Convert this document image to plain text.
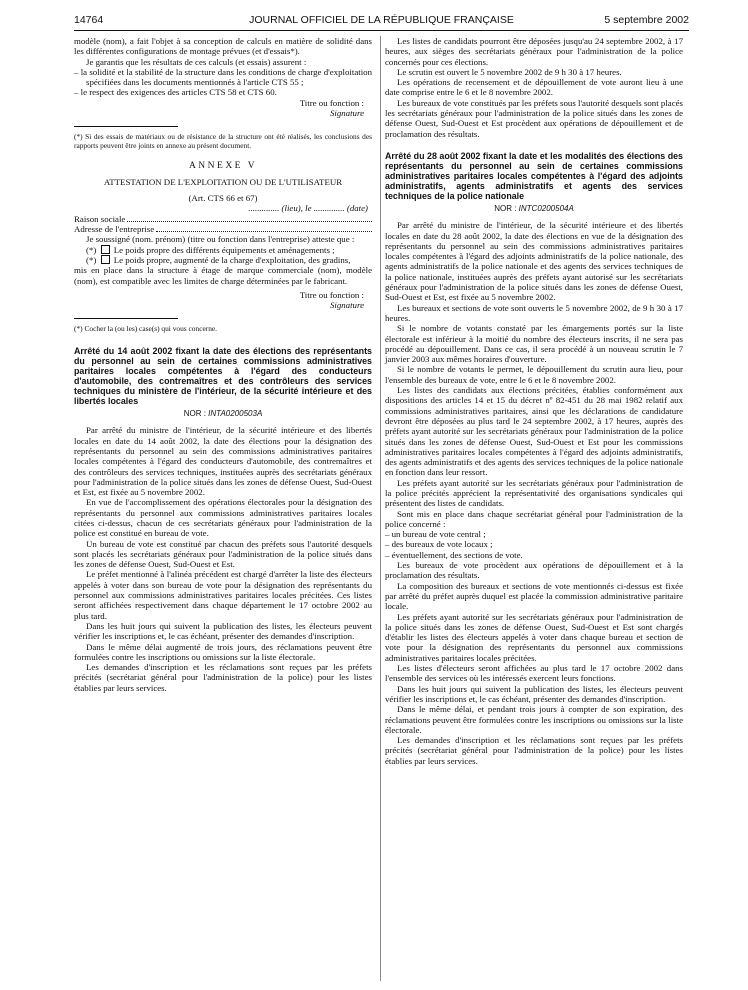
14764	JOURNAL OFFICIEL DE LA RÉPUBLIQUE FRANÇAISE	5 septembre 2002

modèle (nom), a fait l'objet à sa conception de calculs en matière de solidité dans les différentes configurations de montage prévues (et d'essais*).

Je garantis que les résultats de ces calculs (et essais) assurent :

– la solidité et la stabilité de la structure dans les conditions de charge d'exploitation spécifiées dans les documents mentionnés à l'article CTS 55 ;

– le respect des exigences des articles CTS 58 et CTS 60.

Titre ou fonction :

Signature

(*) Si des essais de matériaux ou de résistance de la structure ont été réalisés, les conclusions des rapports peuvent être joints en annexe au présent document.

ANNEXE V

ATTESTATION DE L'EXPLOITATION OU DE L'UTILISATEUR

(Art. CTS 66 et 67)

.............. (lieu), le .............. (date)

Raison sociale
Adresse de l'entreprise

Je soussigné (nom. prénom) (titre ou fonction dans l'entreprise) atteste que :

(*)  Le poids propre des différents équipements et aménagements ;

(*)  Le poids propre, augmenté de la charge d'exploitation, des gradins,

mis en place dans la structure à étage de marque commerciale (nom), modèle (nom), est compatible avec les limites de charge déterminées par le fabricant.

Titre ou fonction :

Signature

(*) Cocher la (ou les) case(s) qui vous concerne.

Arrêté du 14 août 2002 fixant la date des élections des représentants du personnel au sein de certaines commissions administratives paritaires locales compétentes à l'égard des conducteurs d'automobile, des contremaîtres et des contrôleurs des services techniques du ministère de l'intérieur, de la sécurité intérieure et des libertés locales

NOR : INTA0200503A

Par arrêté du ministre de l'intérieur, de la sécurité intérieure et des libertés locales en date du 14 août 2002, la date des élections pour la désignation des représentants du personnel au sein des commissions administratives paritaires locales compétentes à l'égard des conducteurs d'automobile, des contremaîtres et des contrôleurs des services techniques, instituées auprès des secrétariats généraux pour l'administration de la police situés dans les zones de défense Ouest, Sud-Ouest et Est, est fixée au 5 novembre 2002.

En vue de l'accomplissement des opérations électorales pour la désignation des représentants du personnel aux commissions administratives paritaires locales citées ci-dessus, chacun de ces secrétariats généraux pour l'administration de la police est constitué en bureau de vote.

Un bureau de vote est constitué par chacun des préfets sous l'autorité desquels sont placés les secrétariats généraux pour l'administration de la police situés dans les zones de défense Ouest, Sud-Ouest et Est.

Le préfet mentionné à l'alinéa précédent est chargé d'arrêter la liste des électeurs appelés à voter dans son bureau de vote pour la désignation des représentants du personnel aux commissions administratives paritaires locales précitées. Ces listes seront affichées respectivement dans chaque département le 17 octobre 2002 au plus tard.

Dans les huit jours qui suivent la publication des listes, les électeurs peuvent vérifier les inscriptions et, le cas échéant, présenter des demandes d'inscription.

Dans le même délai augmenté de trois jours, des réclamations peuvent être formulées contre les inscriptions ou omissions sur la liste électorale.

Les demandes d'inscription et les réclamations sont reçues par les préfets précités (secrétariat général pour l'administration de la police) pour les listes établies par leurs services.

Les listes de candidats pourront être déposées jusqu'au 24 septembre 2002, à 17 heures, aux sièges des secrétariats généraux pour l'administration de la police concernés pour ces élections.

Le scrutin est ouvert le 5 novembre 2002 de 9 h 30 à 17 heures.

Les opérations de recensement et de dépouillement de vote auront lieu à une date comprise entre le 6 et le 8 novembre 2002.

Les bureaux de vote constitués par les préfets sous l'autorité desquels sont placés les secrétariats généraux pour l'administration de la police situés dans les zones de défense Ouest, Sud-Ouest et Est procèdent aux opérations de dépouillement et de proclamation des résultats.

Arrêté du 28 août 2002 fixant la date et les modalités des élections des représentants du personnel au sein de certaines commissions administratives paritaires locales compétentes à l'égard des adjoints administratifs, agents administratifs et agents des services techniques de la police nationale

NOR : INTC0200504A

Par arrêté du ministre de l'intérieur, de la sécurité intérieure et des libertés locales en date du 28 août 2002, la date des élections en vue de la désignation des représentants du personnel au sein des commissions administratives paritaires locales compétentes à l'égard des adjoints administratifs de la police nationale, des agents administratifs de la police nationale et des agents des services techniques de la police nationale, instituées auprès des préfets ayant autorisé sur les secrétariats généraux pour l'administration de la police situés dans les zones de défense Ouest, Sud-Ouest et Est, est fixée au 5 novembre 2002.

Les bureaux et sections de vote sont ouverts le 5 novembre 2002, de 9 h 30 à 17 heures.

Si le nombre de votants constaté par les émargements portés sur la liste électorale est inférieur à la moitié du nombre des électeurs inscrits, il ne sera pas procédé au dépouillement. Dans ce cas, il sera procédé à un nouveau scrutin le 7 janvier 2003 aux mêmes horaires d'ouverture.

Si le nombre de votants le permet, le dépouillement du scrutin aura lieu, pour l'ensemble des bureaux de vote, entre le 6 et le 8 novembre 2002.

Les listes des candidats aux élections précitées, établies conformément aux dispositions des articles 14 et 15 du décret nº 82-451 du 28 mai 1982 relatif aux commissions administratives paritaires, ainsi que les déclarations de candidature devront être déposées au plus tard le 24 septembre 2002, à 17 heures, auprès des préfets ayant autorité sur les secrétariats généraux pour l'administration de la police situés dans les zones de défense Ouest, Sud-Ouest et Est pour les commissions administratives paritaires locales compétentes à l'égard des adjoints administratifs, des agents administratifs et des agents des services techniques de la police nationale en fonction dans leur ressort.

Les préfets ayant autorité sur les secrétariats généraux pour l'administration de la police précités apprécient la représentativité des organisations syndicales qui présentent des listes de candidats.

Sont mis en place dans chaque secrétariat général pour l'administration de la police concerné :

– un bureau de vote central ;

– des bureaux de vote locaux ;

– éventuellement, des sections de vote.

Les bureaux de vote procèdent aux opérations de dépouillement et à la proclamation des résultats.

La composition des bureaux et sections de vote mentionnés ci-dessus est fixée par arrêté du préfet auprès duquel est placée la commission administrative paritaire locale.

Les préfets ayant autorité sur les secrétariats généraux pour l'administration de la police situés dans les zones de défense Ouest, Sud-Ouest et Est sont chargés d'établir les listes des électeurs appelés à voter dans chaque bureau et section de vote pour la désignation des représentants du personnel aux commissions administratives paritaires locales précitées.

Les listes d'électeurs seront affichées au plus tard le 17 octobre 2002 dans l'ensemble des services où les intéressés exercent leurs fonctions.

Dans les huit jours qui suivent la publication des listes, les électeurs peuvent vérifier les inscriptions et, le cas échéant, présenter des demandes d'inscription.

Dans le même délai, et pendant trois jours à compter de son expiration, des réclamations peuvent être formulées contre les inscriptions ou omissions sur la liste électorale.

Les demandes d'inscription et les réclamations sont reçues par les préfets précités (secrétariat général pour l'administration de la police) pour les listes établies par leurs services.
